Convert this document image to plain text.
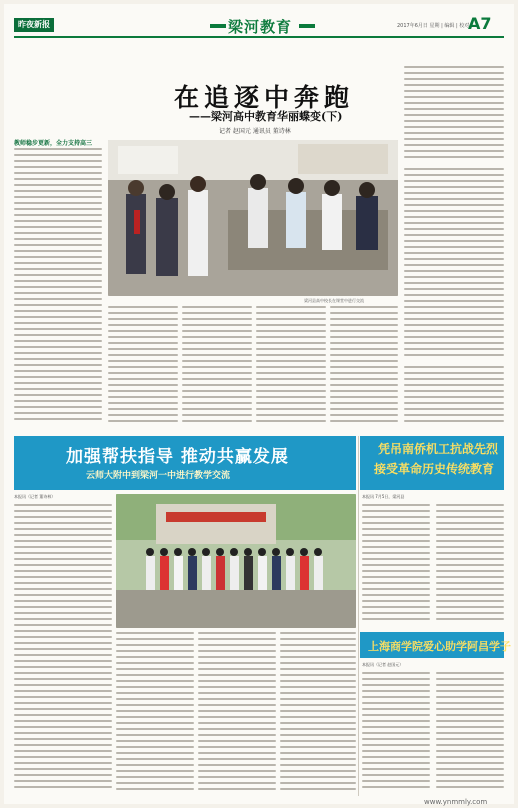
昨夜新报	梁河教育	2017年6月日 星期 | 编辑 | 校对
A7
在追逐中奔跑
——梁河高中教育华丽蝶变(下)
记者 赵国元 通讯员 董诗林
教师稳步更新，全力支持高三
梁河县高中校长在课堂中进行交流
加强帮扶指导 推动共赢发展
云师大附中到梁河一中进行教学交流
凭吊南侨机工抗战先烈
接受革命历史传统教育
本报讯（记者 董诗林）	本报讯 7月5日，梁河县
上海商学院爱心助学阿昌学子
本报讯（记者 赵国元）
www.ynmmly.com
